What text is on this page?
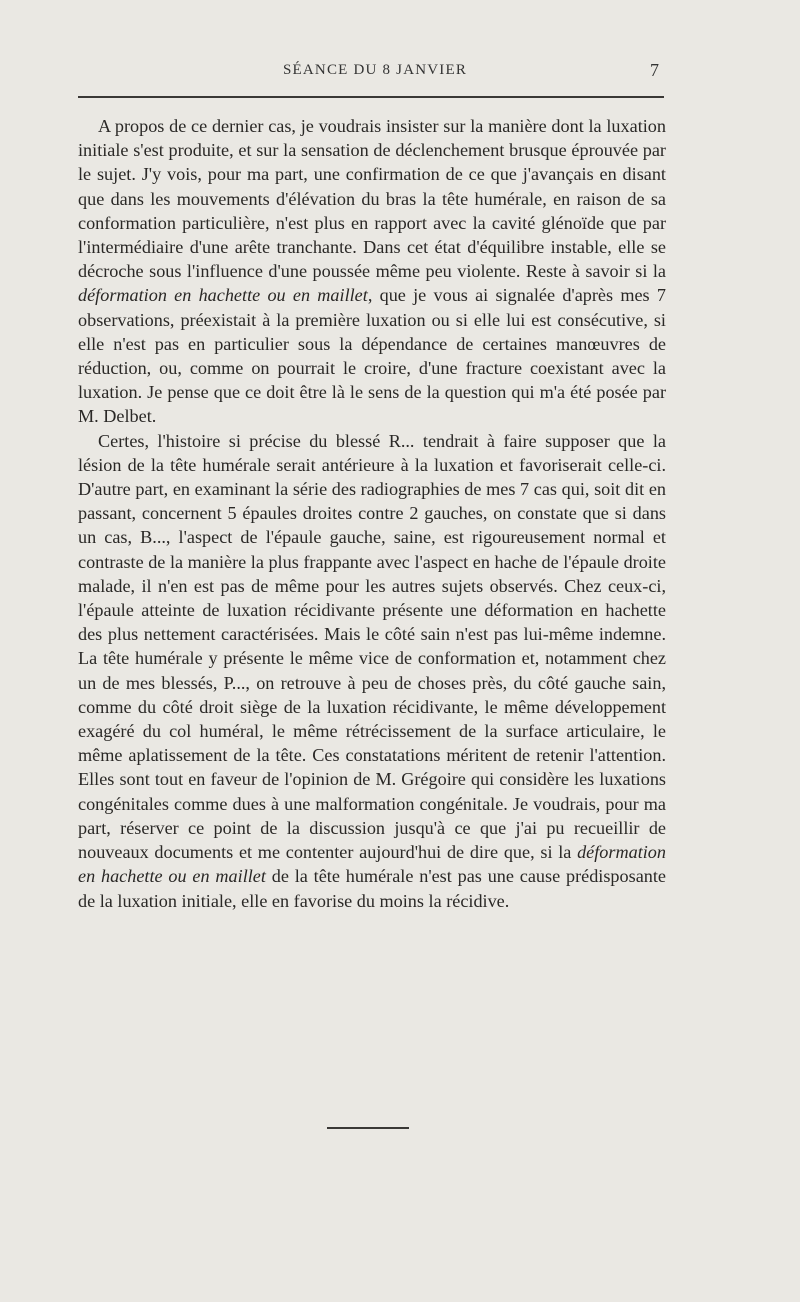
SÉANCE DU 8 JANVIER	7

A propos de ce dernier cas, je voudrais insister sur la manière dont la luxation initiale s'est produite, et sur la sensation de déclenchement brusque éprouvée par le sujet. J'y vois, pour ma part, une confirmation de ce que j'avançais en disant que dans les mouvements d'élévation du bras la tête humérale, en raison de sa conformation particulière, n'est plus en rapport avec la cavité glénoïde que par l'intermédiaire d'une arête tranchante. Dans cet état d'équilibre instable, elle se décroche sous l'influence d'une poussée même peu violente. Reste à savoir si la déformation en hachette ou en maillet, que je vous ai signalée d'après mes 7 observations, préexistait à la première luxation ou si elle lui est consécutive, si elle n'est pas en particulier sous la dépendance de certaines manœuvres de réduction, ou, comme on pourrait le croire, d'une fracture coexistant avec la luxation. Je pense que ce doit être là le sens de la question qui m'a été posée par M. Delbet.

Certes, l'histoire si précise du blessé R... tendrait à faire supposer que la lésion de la tête humérale serait antérieure à la luxation et favoriserait celle-ci. D'autre part, en examinant la série des radiographies de mes 7 cas qui, soit dit en passant, concernent 5 épaules droites contre 2 gauches, on constate que si dans un cas, B..., l'aspect de l'épaule gauche, saine, est rigoureusement normal et contraste de la manière la plus frappante avec l'aspect en hache de l'épaule droite malade, il n'en est pas de même pour les autres sujets observés. Chez ceux-ci, l'épaule atteinte de luxation récidivante présente une déformation en hachette des plus nettement caractérisées. Mais le côté sain n'est pas lui-même indemne. La tête humérale y présente le même vice de conformation et, notamment chez un de mes blessés, P..., on retrouve à peu de choses près, du côté gauche sain, comme du côté droit siège de la luxation récidivante, le même développement exagéré du col huméral, le même rétrécissement de la surface articulaire, le même aplatissement de la tête. Ces constatations méritent de retenir l'attention. Elles sont tout en faveur de l'opinion de M. Grégoire qui considère les luxations congénitales comme dues à une malformation congénitale. Je voudrais, pour ma part, réserver ce point de la discussion jusqu'à ce que j'ai pu recueillir de nouveaux documents et me contenter aujourd'hui de dire que, si la déformation en hachette ou en maillet de la tête humérale n'est pas une cause prédisposante de la luxation initiale, elle en favorise du moins la récidive.
